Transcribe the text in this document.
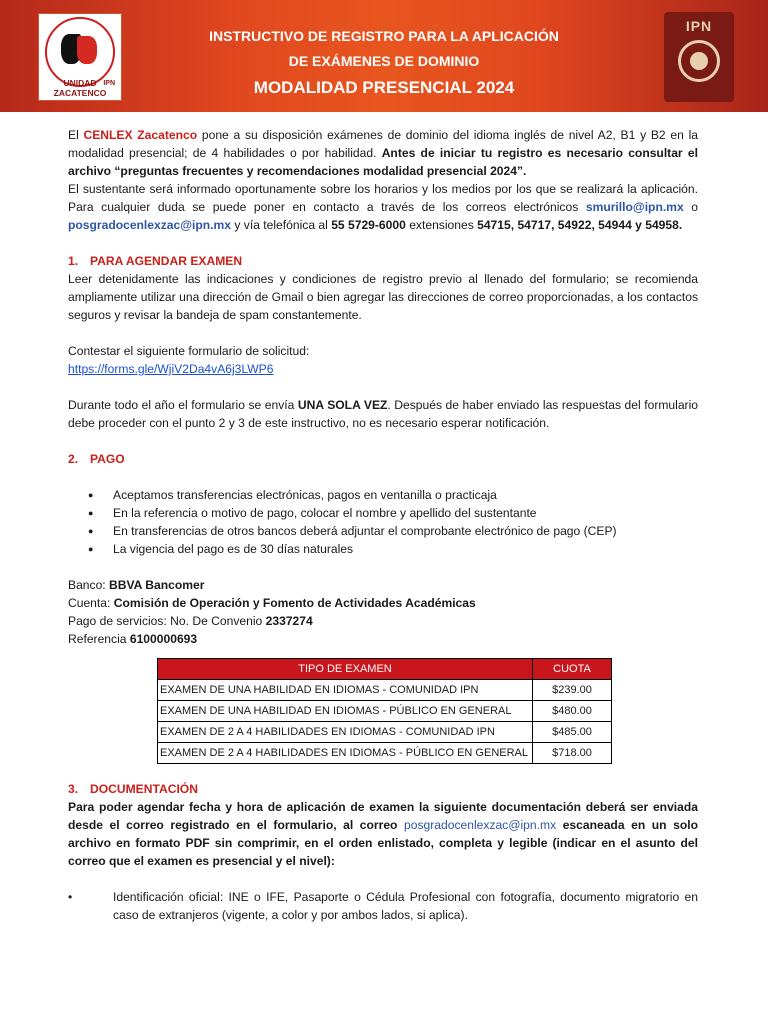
IPN
UNIDAD ZACATENCO
INSTRUCTIVO DE REGISTRO PARA LA APLICACIÓN
DE EXÁMENES DE DOMINIO
MODALIDAD PRESENCIAL 2024
IPN

El CENLEX Zacatenco pone a su disposición exámenes de dominio del idioma inglés de nivel A2, B1 y B2 en la modalidad presencial; de 4 habilidades o por habilidad. Antes de iniciar tu registro es necesario consultar el archivo “preguntas frecuentes y recomendaciones modalidad presencial 2024”.

El sustentante será informado oportunamente sobre los horarios y los medios por los que se realizará la aplicación. Para cualquier duda se puede poner en contacto a través de los correos electrónicos smurillo@ipn.mx o posgradocenlexzac@ipn.mx y vía telefónica al 55 5729-6000 extensiones 54715, 54717, 54922, 54944 y 54958.

1. PARA AGENDAR EXAMEN

Leer detenidamente las indicaciones y condiciones de registro previo al llenado del formulario; se recomienda ampliamente utilizar una dirección de Gmail o bien agregar las direcciones de correo proporcionadas, a los contactos seguros y revisar la bandeja de spam constantemente.

Contestar el siguiente formulario de solicitud:

https://forms.gle/WjiV2Da4vA6j3LWP6

Durante todo el año el formulario se envía UNA SOLA VEZ. Después de haber enviado las respuestas del formulario debe proceder con el punto 2 y 3 de este instructivo, no es necesario esperar notificación.

2. PAGO

● Aceptamos transferencias electrónicas, pagos en ventanilla o practicaja
● En la referencia o motivo de pago, colocar el nombre y apellido del sustentante
● En transferencias de otros bancos deberá adjuntar el comprobante electrónico de pago (CEP)
● La vigencia del pago es de 30 días naturales

Banco: BBVA Bancomer

Cuenta: Comisión de Operación y Fomento de Actividades Académicas

Pago de servicios: No. De Convenio 2337274

Referencia 6100000693

TIPO DE EXAMEN	CUOTA
EXAMEN DE UNA HABILIDAD EN IDIOMAS - COMUNIDAD IPN	$239.00
EXAMEN DE UNA HABILIDAD EN IDIOMAS - PÚBLICO EN GENERAL	$480.00
EXAMEN DE 2 A 4 HABILIDADES EN IDIOMAS - COMUNIDAD IPN	$485.00
EXAMEN DE 2 A 4 HABILIDADES EN IDIOMAS - PÚBLICO EN GENERAL	$718.00

3. DOCUMENTACIÓN

Para poder agendar fecha y hora de aplicación de examen la siguiente documentación deberá ser enviada desde el correo registrado en el formulario, al correo posgradocenlexzac@ipn.mx escaneada en un solo archivo en formato PDF sin comprimir, en el orden enlistado, completa y legible (indicar en el asunto del correo que el examen es presencial y el nivel):

•	Identificación oficial: INE o IFE, Pasaporte o Cédula Profesional con fotografía, documento migratorio en caso de extranjeros (vigente, a color y por ambos lados, si aplica).
